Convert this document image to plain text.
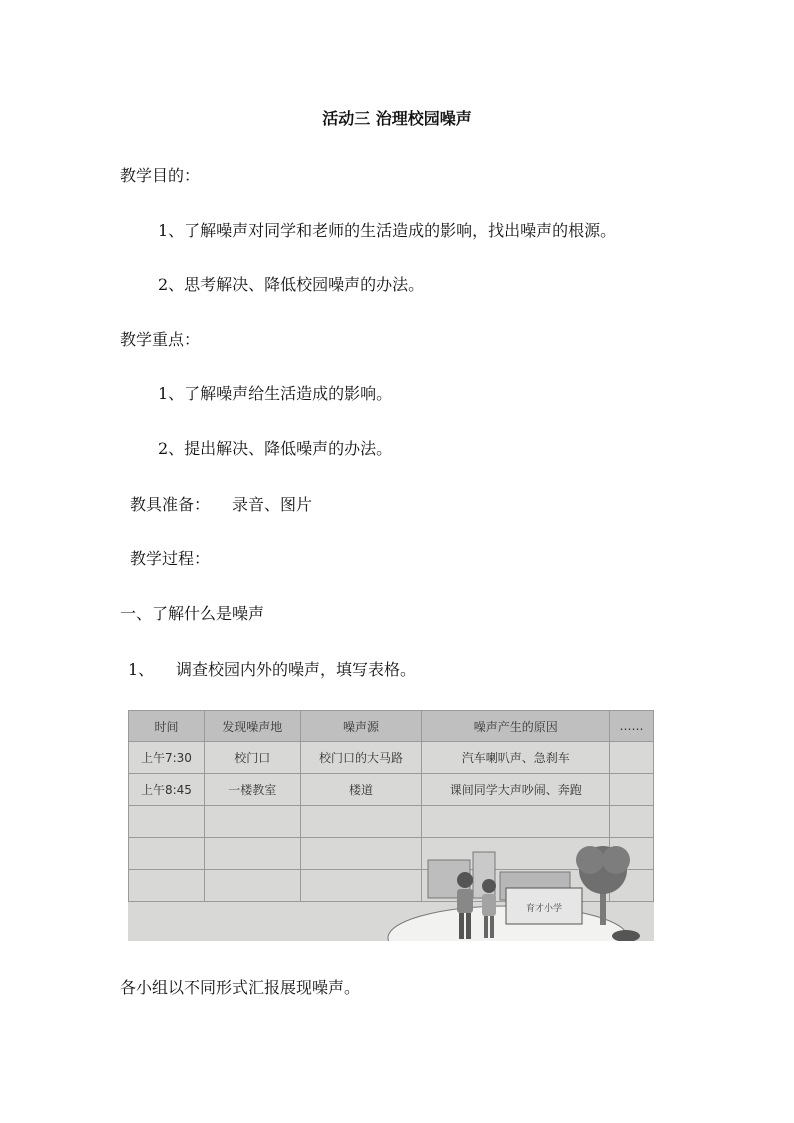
活动三 治理校园噪声
教学目的：
1、了解噪声对同学和老师的生活造成的影响，找出噪声的根源。
2、思考解决、降低校园噪声的办法。
教学重点：
1、了解噪声给生活造成的影响。
2、提出解决、降低噪声的办法。
教具准备： 录音、图片
教学过程：
一、了解什么是噪声
1、 调查校园内外的噪声，填写表格。
时间	发现噪声地	噪声源	噪声产生的原因	……
上午7:30	校门口	校门口的大马路	汽车喇叭声、急刹车	
上午8:45	一楼教室	楼道	课间同学大声吵闹、奔跑	

育才小学
各小组以不同形式汇报展现噪声。
